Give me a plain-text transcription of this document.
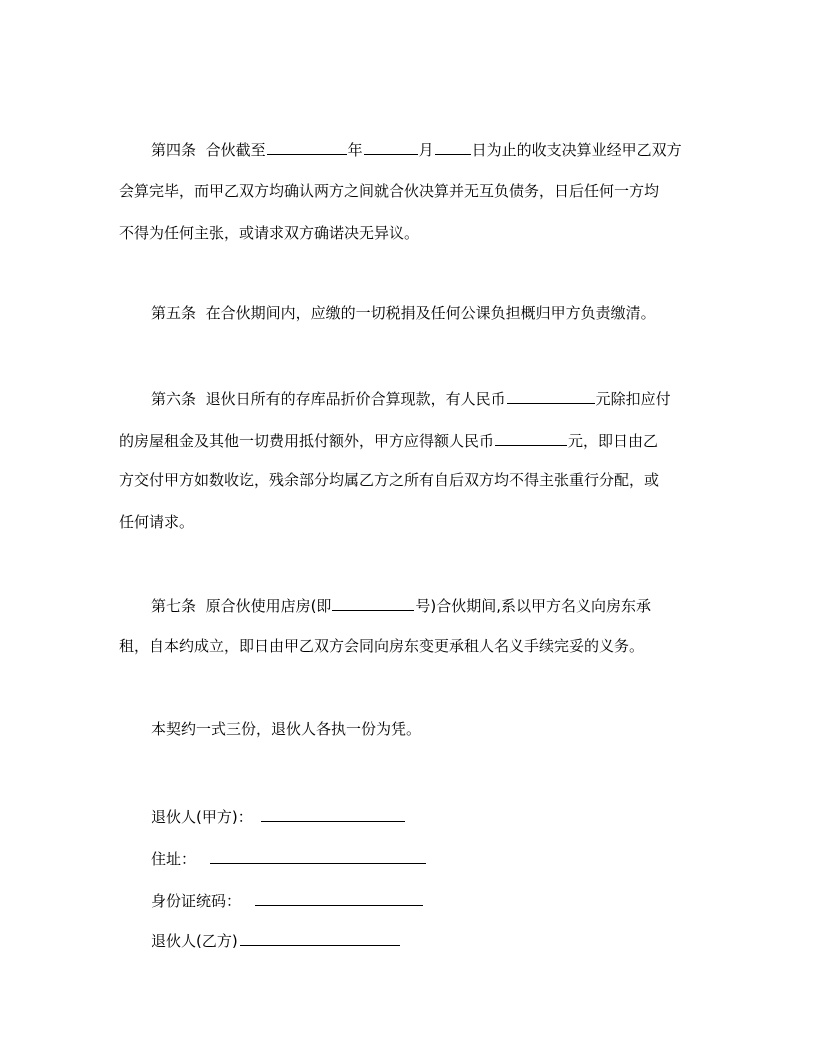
第四条 合伙截至	年	月	日为止的收支决算业经甲乙双方
会算完毕，而甲乙双方均确认两方之间就合伙决算并无互负债务，日后任何一方均
不得为任何主张，或请求双方确诺决无异议。
第五条 在合伙期间内，应缴的一切税捐及任何公课负担概归甲方负责缴清。
第六条 退伙日所有的存库品折价合算现款，有人民币	元除扣应付
的房屋租金及其他一切费用抵付额外，甲方应得额人民币	元，即日由乙
方交付甲方如数收讫，残余部分均属乙方之所有自后双方均不得主张重行分配，或
任何请求。
第七条 原合伙使用店房(即	号)合伙期间,系以甲方名义向房东承
租，自本约成立，即日由甲乙双方会同向房东变更承租人名义手续完妥的义务。
本契约一式三份，退伙人各执一份为凭。
退伙人(甲方)：
住址：
身份证统码：
退伙人(乙方)
